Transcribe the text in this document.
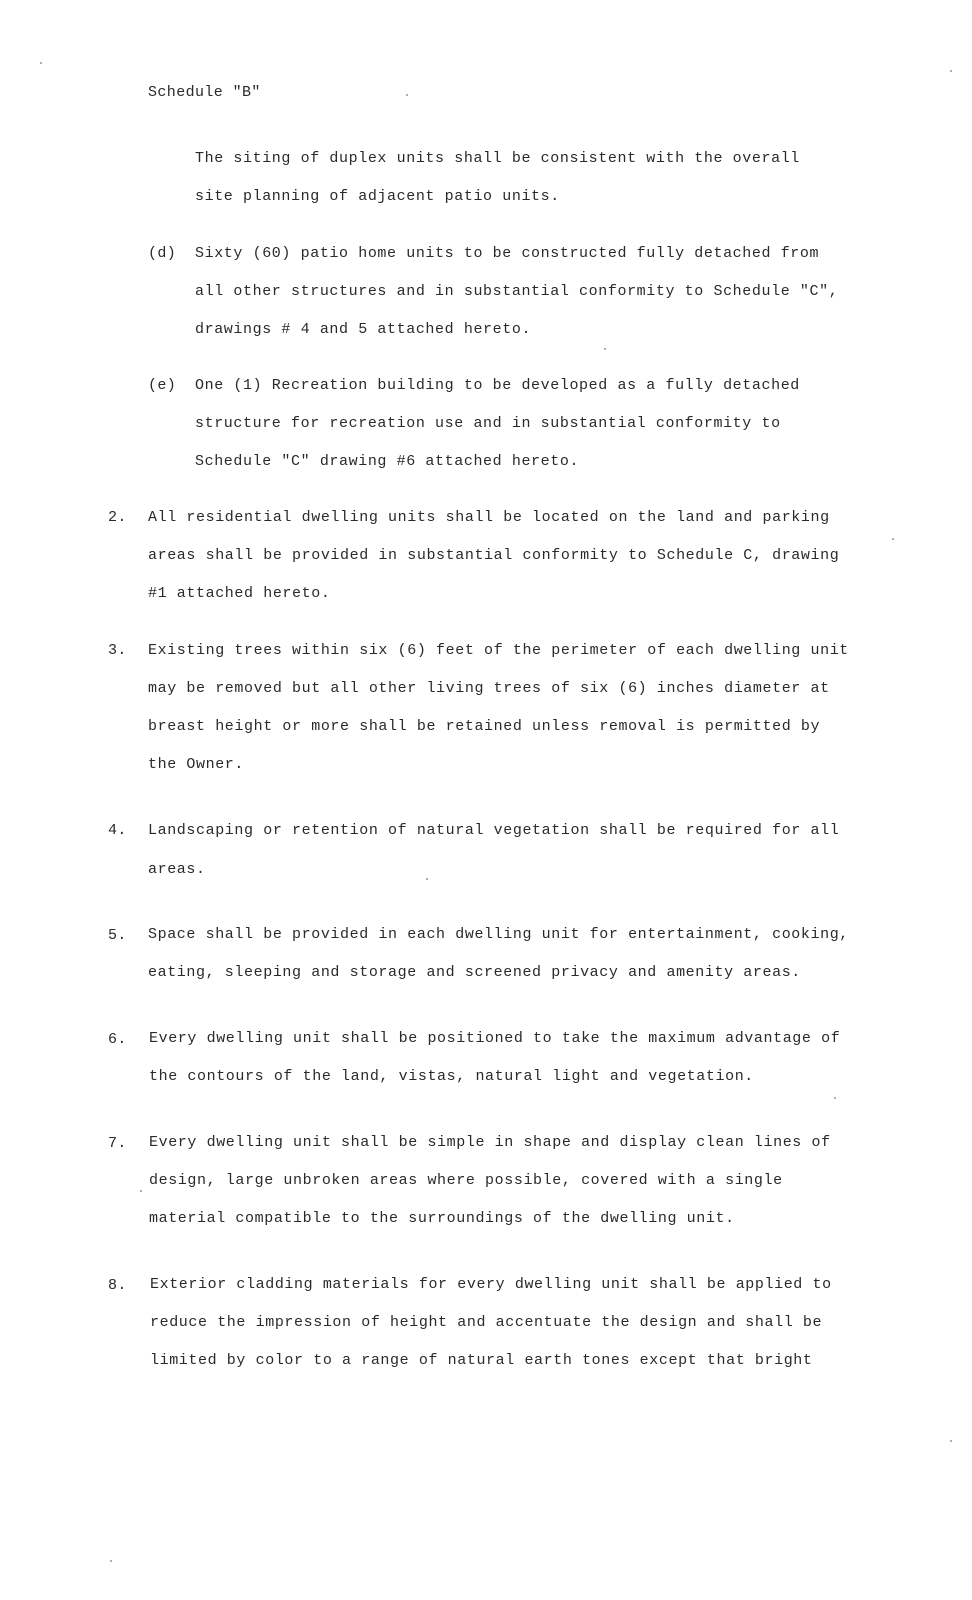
Schedule "B"
The siting of duplex units shall be consistent with the overall
site planning of adjacent patio units.
(d) Sixty (60) patio home units to be constructed fully detached from
all other structures and in substantial conformity to Schedule "C",
drawings # 4 and 5 attached hereto.
(e) One (1) Recreation building to be developed as a fully detached
structure for recreation use and in substantial conformity to
Schedule "C" drawing #6 attached hereto.
2. All residential dwelling units shall be located on the land and parking
areas shall be provided in substantial conformity to Schedule C, drawing
#1 attached hereto.
3. Existing trees within six (6) feet of the perimeter of each dwelling unit
may be removed but all other living trees of six (6) inches diameter at
breast height or more shall be retained unless removal is permitted by
the Owner.
4. Landscaping or retention of natural vegetation shall be required for all
areas.
5. Space shall be provided in each dwelling unit for entertainment, cooking,
eating, sleeping and storage and screened privacy and amenity areas.
6. Every dwelling unit shall be positioned to take the maximum advantage of
the contours of the land, vistas, natural light and vegetation.
7. Every dwelling unit shall be simple in shape and display clean lines of
design, large unbroken areas where possible, covered with a single
material compatible to the surroundings of the dwelling unit.
8. Exterior cladding materials for every dwelling unit shall be applied to
reduce the impression of height and accentuate the design and shall be
limited by color to a range of natural earth tones except that bright
